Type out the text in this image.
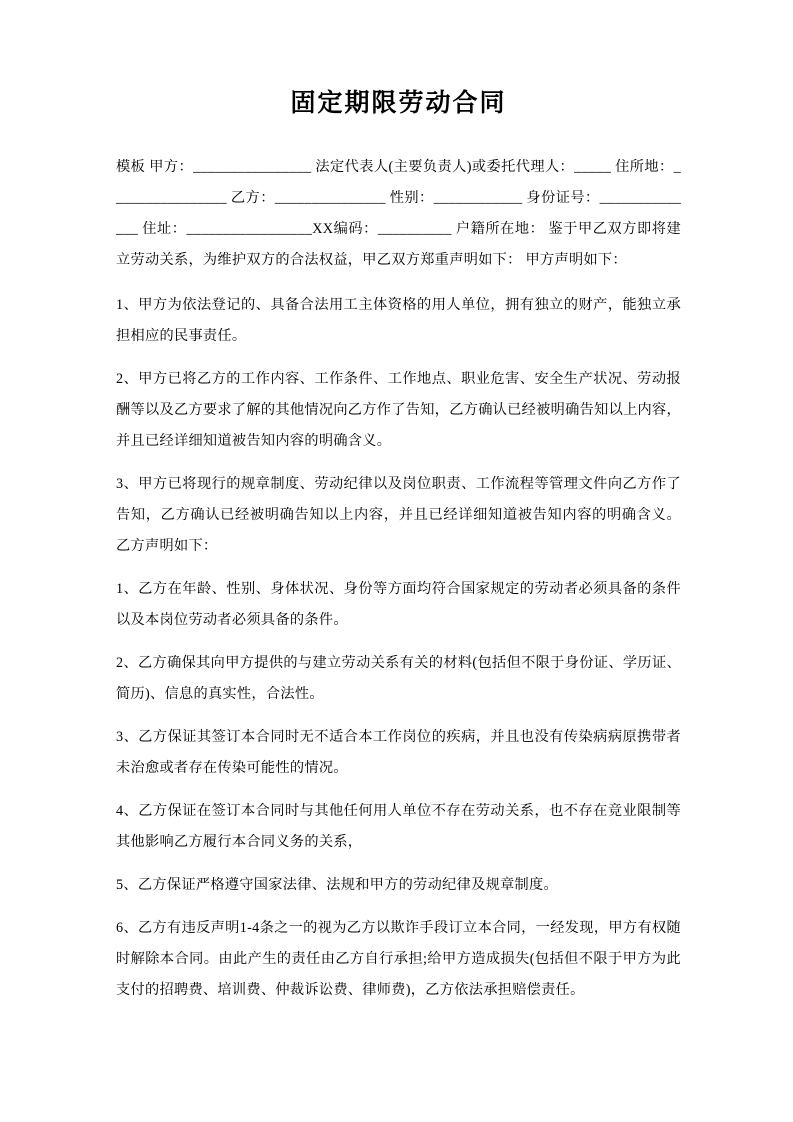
固定期限劳动合同

模板 甲方：________________ 法定代表人(主要负责人)或委托代理人：_____ 住所地：________________ 乙方：_______________ 性别：____________ 身份证号：______________ 住址：_________________XX编码：__________ 户籍所在地： 鉴于甲乙双方即将建立劳动关系，为维护双方的合法权益，甲乙双方郑重声明如下： 甲方声明如下：

1、甲方为依法登记的、具备合法用工主体资格的用人单位，拥有独立的财产，能独立承担相应的民事责任。

2、甲方已将乙方的工作内容、工作条件、工作地点、职业危害、安全生产状况、劳动报酬等以及乙方要求了解的其他情况向乙方作了告知，乙方确认已经被明确告知以上内容，并且已经详细知道被告知内容的明确含义。

3、甲方已将现行的规章制度、劳动纪律以及岗位职责、工作流程等管理文件向乙方作了告知，乙方确认已经被明确告知以上内容，并且已经详细知道被告知内容的明确含义。 乙方声明如下：

1、乙方在年龄、性别、身体状况、身份等方面均符合国家规定的劳动者必须具备的条件以及本岗位劳动者必须具备的条件。

2、乙方确保其向甲方提供的与建立劳动关系有关的材料(包括但不限于身份证、学历证、简历)、信息的真实性，合法性。

3、乙方保证其签订本合同时无不适合本工作岗位的疾病，并且也没有传染病病原携带者未治愈或者存在传染可能性的情况。

4、乙方保证在签订本合同时与其他任何用人单位不存在劳动关系，也不存在竞业限制等其他影响乙方履行本合同义务的关系，

5、乙方保证严格遵守国家法律、法规和甲方的劳动纪律及规章制度。

6、乙方有违反声明1-4条之一的视为乙方以欺诈手段订立本合同，一经发现，甲方有权随时解除本合同。由此产生的责任由乙方自行承担;给甲方造成损失(包括但不限于甲方为此支付的招聘费、培训费、仲裁诉讼费、律师费)，乙方依法承担赔偿责任。
